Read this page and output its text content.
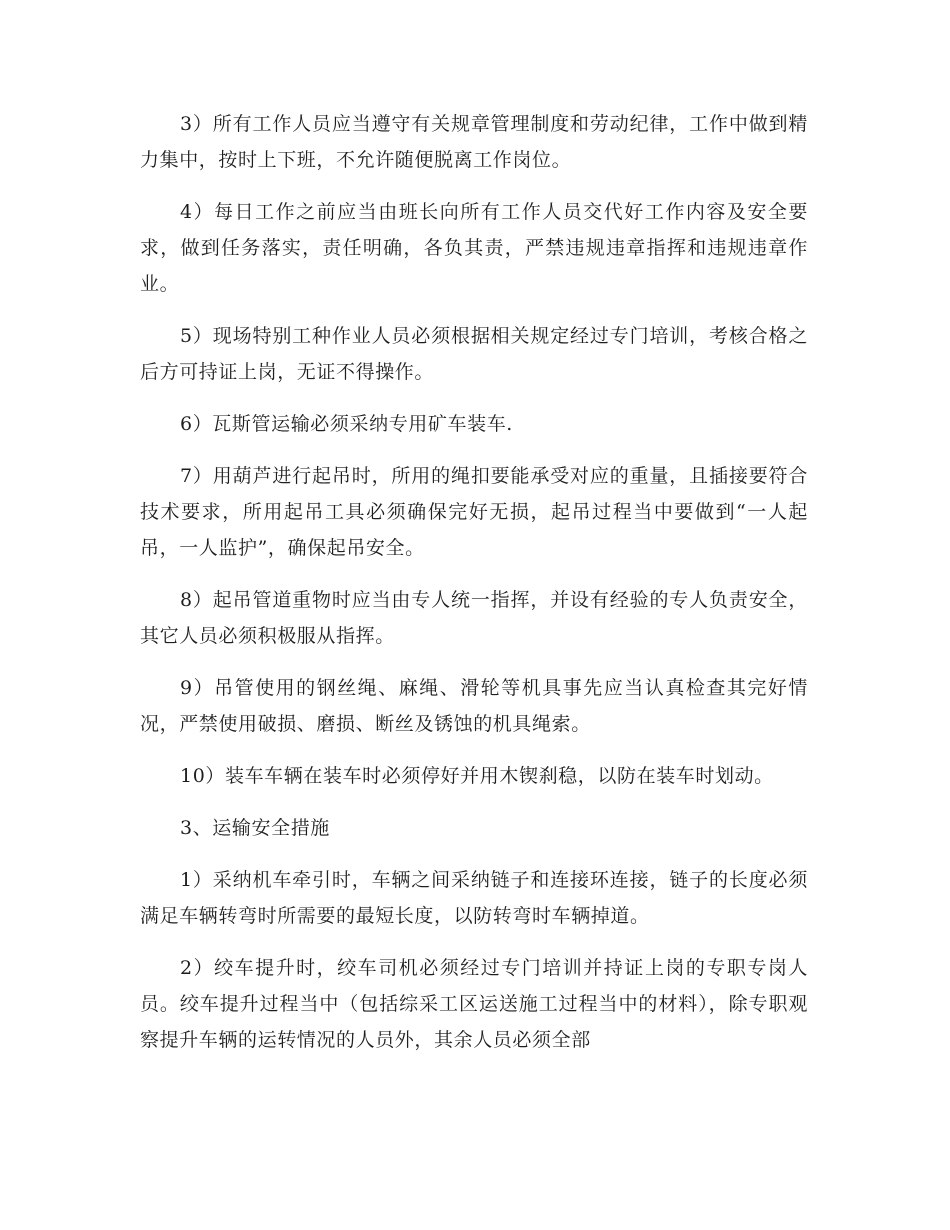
3）所有工作人员应当遵守有关规章管理制度和劳动纪律，工作中做到精力集中，按时上下班，不允许随便脱离工作岗位。

4）每日工作之前应当由班长向所有工作人员交代好工作内容及安全要求，做到任务落实，责任明确，各负其责，严禁违规违章指挥和违规违章作业。

5）现场特别工种作业人员必须根据相关规定经过专门培训，考核合格之后方可持证上岗，无证不得操作。

6）瓦斯管运输必须采纳专用矿车装车.

7）用葫芦进行起吊时，所用的绳扣要能承受对应的重量，且插接要符合技术要求，所用起吊工具必须确保完好无损，起吊过程当中要做到“一人起吊，一人监护”，确保起吊安全。

8）起吊管道重物时应当由专人统一指挥，并设有经验的专人负责安全，其它人员必须积极服从指挥。

9）吊管使用的钢丝绳、麻绳、滑轮等机具事先应当认真检查其完好情况，严禁使用破损、磨损、断丝及锈蚀的机具绳索。

10）装车车辆在装车时必须停好并用木锲刹稳，以防在装车时划动。

3、运输安全措施

1）采纳机车牵引时，车辆之间采纳链子和连接环连接，链子的长度必须满足车辆转弯时所需要的最短长度，以防转弯时车辆掉道。

2）绞车提升时，绞车司机必须经过专门培训并持证上岗的专职专岗人员。绞车提升过程当中（包括综采工区运送施工过程当中的材料），除专职观察提升车辆的运转情况的人员外，其余人员必须全部
